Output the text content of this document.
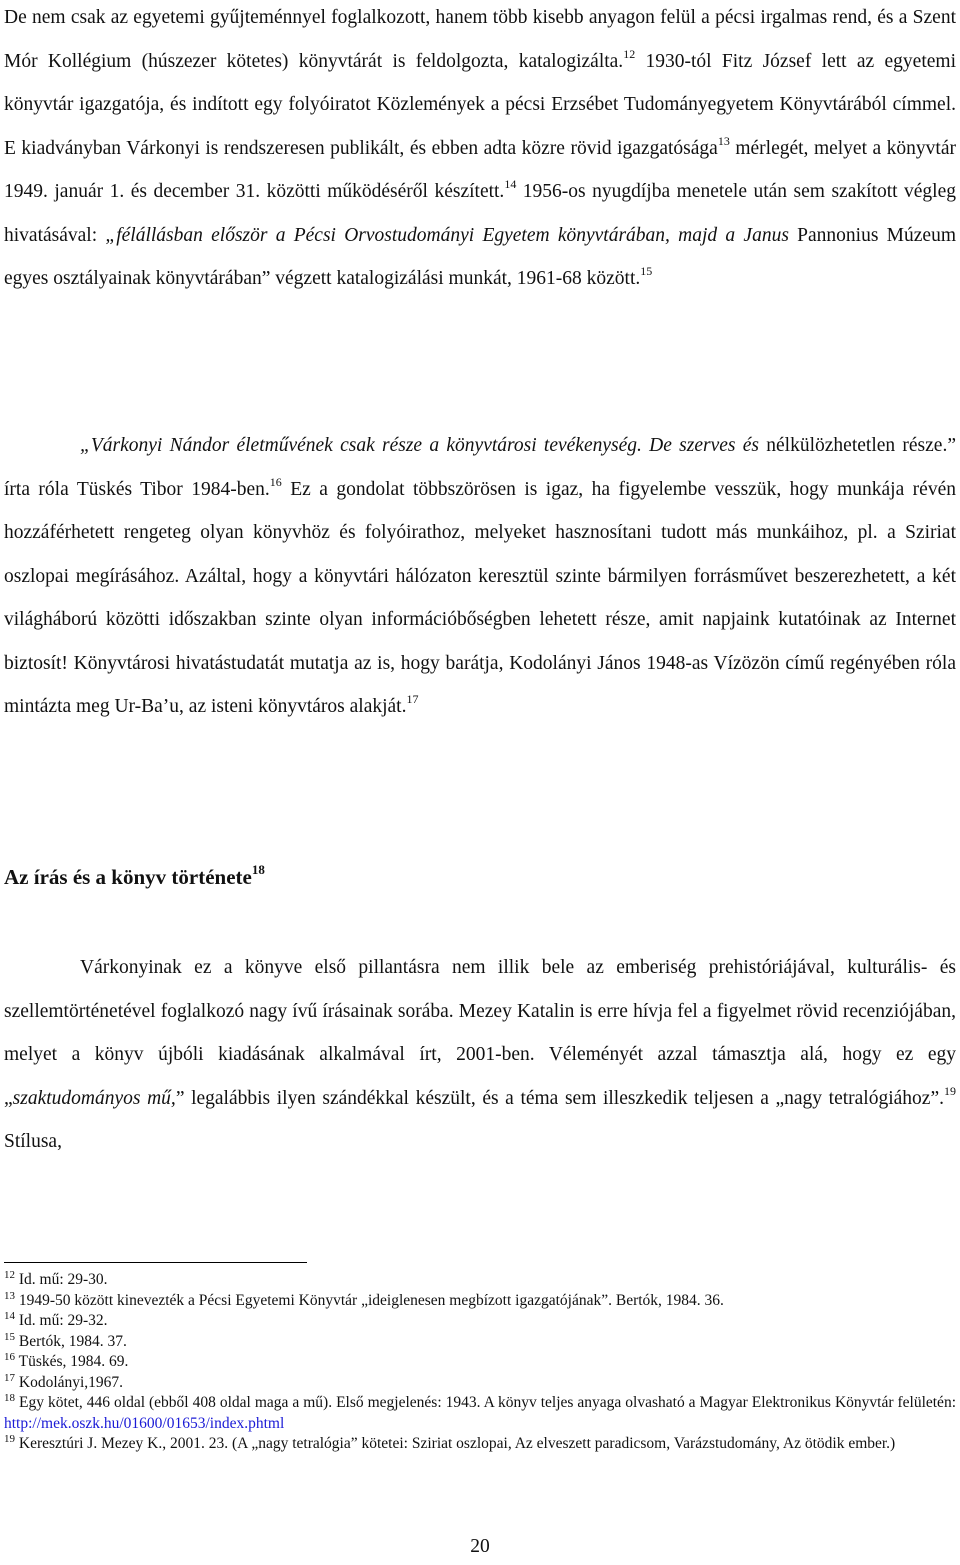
De nem csak az egyetemi gyűjteménnyel foglalkozott, hanem több kisebb anyagon felül a pécsi irgalmas rend, és a Szent Mór Kollégium (húszezer kötetes) könyvtárát is feldolgozta, katalogizálta.$^{12}$ 1930-tól Fitz József lett az egyetemi könyvtár igazgatója, és indított egy folyóiratot Közlemények a pécsi Erzsébet Tudományegyetem Könyvtárából címmel. E kiadványban Várkonyi is rendszeresen publikált, és ebben adta közre rövid igazgatósága$^{13}$ mérlegét, melyet a könyvtár 1949. január 1. és december 31. közötti működéséről készített.$^{14}$ 1956-os nyugdíjba menetele után sem szakított végleg hivatásával: „félállásban először a Pécsi Orvostudományi Egyetem könyvtárában, majd a Janus Pannonius Múzeum egyes osztályainak könyvtárában” végzett katalogizálási munkát, 1961-68 között.$^{15}$

„Várkonyi Nándor életművének csak része a könyvtárosi tevékenység. De szerves és nélkülözhetetlen része.” írta róla Tüskés Tibor 1984-ben.$^{16}$ Ez a gondolat többszörösen is igaz, ha figyelembe vesszük, hogy munkája révén hozzáférhetett rengeteg olyan könyvhöz és folyóirathoz, melyeket hasznosítani tudott más munkáihoz, pl. a Sziriat oszlopai megírásához. Azáltal, hogy a könyvtári hálózaton keresztül szinte bármilyen forrásművet beszerezhetett, a két világháború közötti időszakban szinte olyan információbőségben lehetett része, amit napjaink kutatóinak az Internet biztosít! Könyvtárosi hivatástudatát mutatja az is, hogy barátja, Kodolányi János 1948-as Vízözön című regényében róla mintázta meg Ur-Ba’u, az isteni könyvtáros alakját.$^{17}$

Az írás és a könyv története$^{18}$

Várkonyinak ez a könyve első pillantásra nem illik bele az emberiség prehistóriájával, kulturális- és szellemtörténetével foglalkozó nagy ívű írásainak sorába. Mezey Katalin is erre hívja fel a figyelmet rövid recenziójában, melyet a könyv újbóli kiadásának alkalmával írt, 2001-ben. Véleményét azzal támasztja alá, hogy ez egy „szaktudományos mű,” legalábbis ilyen szándékkal készült, és a téma sem illeszkedik teljesen a „nagy tetralógiához”.$^{19}$ Stílusa,

$^{12}$ Id. mű: 29-30.
$^{13}$ 1949-50 között kinevezték a Pécsi Egyetemi Könyvtár „ideiglenesen megbízott igazgatójának”. Bertók, 1984. 36.
$^{14}$ Id. mű: 29-32.
$^{15}$ Bertók, 1984. 37.
$^{16}$ Tüskés, 1984. 69.
$^{17}$ Kodolányi,1967.
$^{18}$ Egy kötet, 446 oldal (ebből 408 oldal maga a mű). Első megjelenés: 1943. A könyv teljes anyaga olvasható a Magyar Elektronikus Könyvtár felületén: http://mek.oszk.hu/01600/01653/index.phtml
$^{19}$ Keresztúri J. Mezey K., 2001. 23. (A „nagy tetralógia” kötetei: Sziriat oszlopai, Az elveszett paradicsom, Varázstudomány, Az ötödik ember.)
20
